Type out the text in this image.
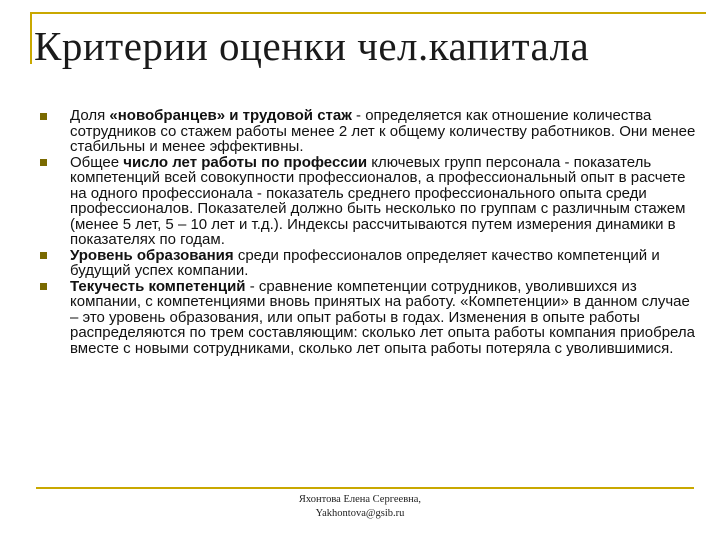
Критерии оценки чел.капитала
Доля «новобранцев» и трудовой стаж - определяется как отношение количества сотрудников со стажем работы менее 2 лет к общему количеству работников. Они менее стабильны и менее эффективны.
Общее число лет работы по профессии ключевых групп персонала - показатель компетенций всей совокупности профессионалов, а профессиональный опыт в расчете на одного профессионала - показатель среднего профессионального опыта среди профессионалов. Показателей должно быть несколько по группам с различным стажем (менее 5 лет, 5 – 10 лет и т.д.). Индексы рассчитываются путем измерения динамики в показателях по годам.
Уровень образования среди профессионалов определяет качество компетенций и будущий успех компании.
Текучесть компетенций - сравнение компетенции сотрудников, уволившихся из компании, с компетенциями вновь принятых на работу. «Компетенции» в данном случае – это уровень образования, или опыт работы в годах. Изменения в опыте работы распределяются по трем составляющим: сколько лет опыта работы компания приобрела вместе с новыми сотрудниками, сколько лет опыта работы потеряла с уволившимися.
Яхонтова Елена Сергеевна,
Yakhontova@gsib.ru
